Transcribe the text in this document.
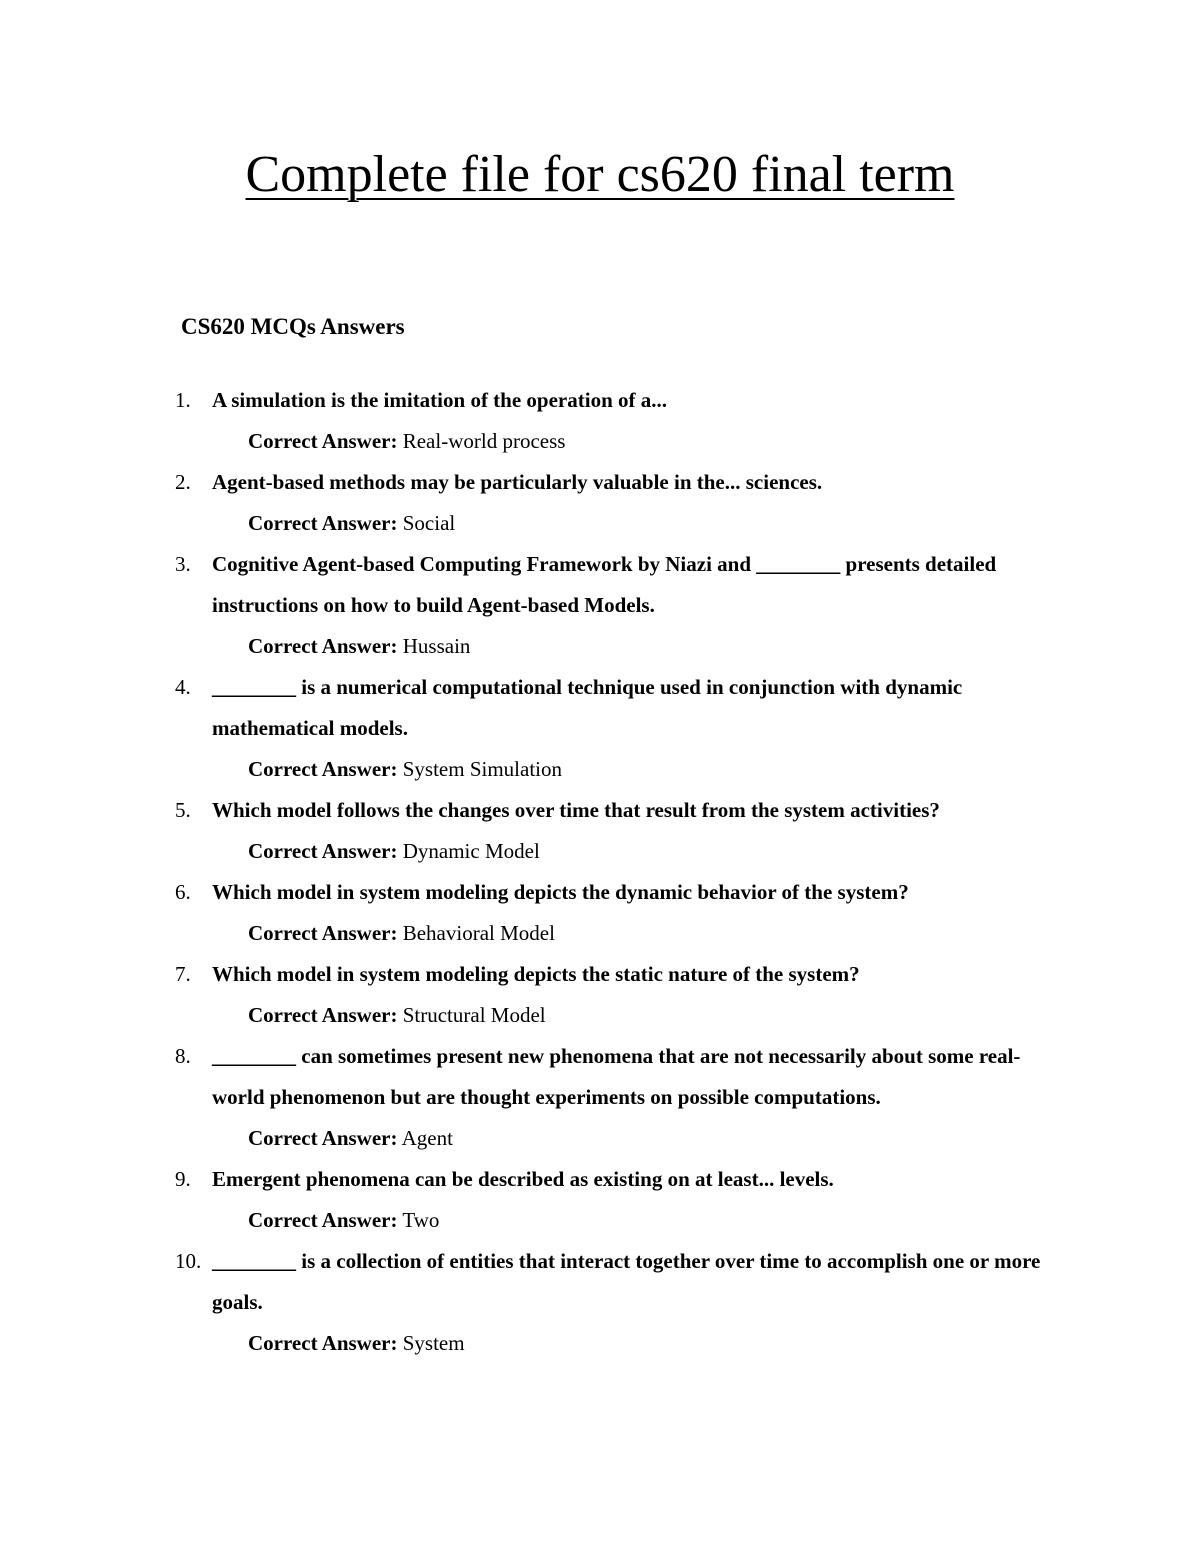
Complete file for cs620 final term
CS620 MCQs Answers
1. A simulation is the imitation of the operation of a...
Correct Answer: Real-world process
2. Agent-based methods may be particularly valuable in the... sciences.
Correct Answer: Social
3. Cognitive Agent-based Computing Framework by Niazi and ________ presents detailed instructions on how to build Agent-based Models.
Correct Answer: Hussain
4. ________ is a numerical computational technique used in conjunction with dynamic mathematical models.
Correct Answer: System Simulation
5. Which model follows the changes over time that result from the system activities?
Correct Answer: Dynamic Model
6. Which model in system modeling depicts the dynamic behavior of the system?
Correct Answer: Behavioral Model
7. Which model in system modeling depicts the static nature of the system?
Correct Answer: Structural Model
8. ________ can sometimes present new phenomena that are not necessarily about some real-world phenomenon but are thought experiments on possible computations.
Correct Answer: Agent
9. Emergent phenomena can be described as existing on at least... levels.
Correct Answer: Two
10. ________ is a collection of entities that interact together over time to accomplish one or more goals.
Correct Answer: System
